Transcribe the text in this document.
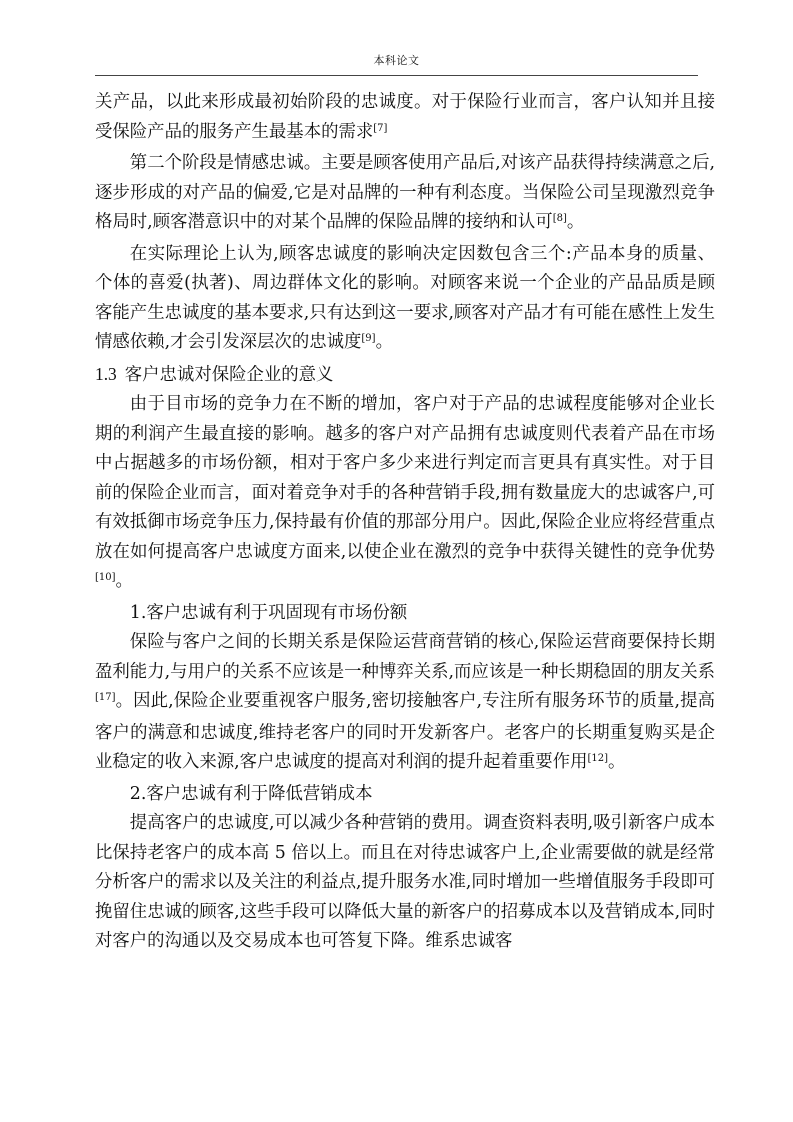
本科论文

关产品，以此来形成最初始阶段的忠诚度。对于保险行业而言，客户认知并且接受保险产品的服务产生最基本的需求[7]

第二个阶段是情感忠诚。主要是顾客使用产品后,对该产品获得持续满意之后,逐步形成的对产品的偏爱,它是对品牌的一种有利态度。当保险公司呈现激烈竞争格局时,顾客潜意识中的对某个品牌的保险品牌的接纳和认可[8]。

在实际理论上认为,顾客忠诚度的影响决定因数包含三个:产品本身的质量、个体的喜爱(执著)、周边群体文化的影响。对顾客来说一个企业的产品品质是顾客能产生忠诚度的基本要求,只有达到这一要求,顾客对产品才有可能在感性上发生情感依赖,才会引发深层次的忠诚度[9]。

1.3 客户忠诚对保险企业的意义

由于目市场的竞争力在不断的增加，客户对于产品的忠诚程度能够对企业长期的利润产生最直接的影响。越多的客户对产品拥有忠诚度则代表着产品在市场中占据越多的市场份额，相对于客户多少来进行判定而言更具有真实性。对于目前的保险企业而言，面对着竞争对手的各种营销手段,拥有数量庞大的忠诚客户,可有效抵御市场竞争压力,保持最有价值的那部分用户。因此,保险企业应将经营重点放在如何提高客户忠诚度方面来,以使企业在激烈的竞争中获得关键性的竞争优势[10]。

1.客户忠诚有利于巩固现有市场份额

保险与客户之间的长期关系是保险运营商营销的核心,保险运营商要保持长期盈利能力,与用户的关系不应该是一种博弈关系,而应该是一种长期稳固的朋友关系[17]。因此,保险企业要重视客户服务,密切接触客户,专注所有服务环节的质量,提高客户的满意和忠诚度,维持老客户的同时开发新客户。老客户的长期重复购买是企业稳定的收入来源,客户忠诚度的提高对利润的提升起着重要作用[12]。

2.客户忠诚有利于降低营销成本

提高客户的忠诚度,可以减少各种营销的费用。调查资料表明,吸引新客户成本比保持老客户的成本高 5 倍以上。而且在对待忠诚客户上,企业需要做的就是经常分析客户的需求以及关注的利益点,提升服务水准,同时增加一些增值服务手段即可挽留住忠诚的顾客,这些手段可以降低大量的新客户的招募成本以及营销成本,同时对客户的沟通以及交易成本也可答复下降。维系忠诚客
